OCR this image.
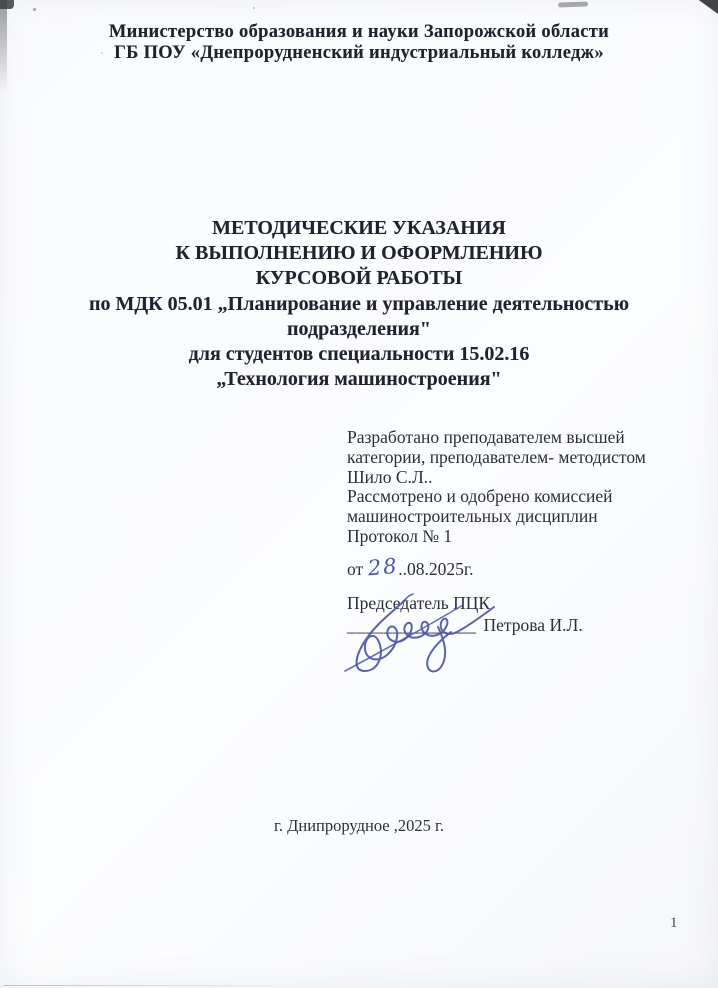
Министерство образования и науки Запорожской области
ГБ ПОУ «Днепрорудненский индустриальный колледж»
МЕТОДИЧЕСКИЕ УКАЗАНИЯ
К ВЫПОЛНЕНИЮ И ОФОРМЛЕНИЮ
КУРСОВОЙ РАБОТЫ
по МДК 05.01 „Планирование и управление деятельностью
подразделения"
для студентов специальности 15.02.16
„Технология машиностроения"
Разработано преподавателем высшей
категории, преподавателем- методистом
Шило С.Л..
Рассмотрено и одобрено комиссией
машиностроительных дисциплин
Протокол № 1
от 28..08.2025г.
Председатель ПЦК
______________ Петрова И.Л.
г. Днипрорудное ,2025 г.
1
